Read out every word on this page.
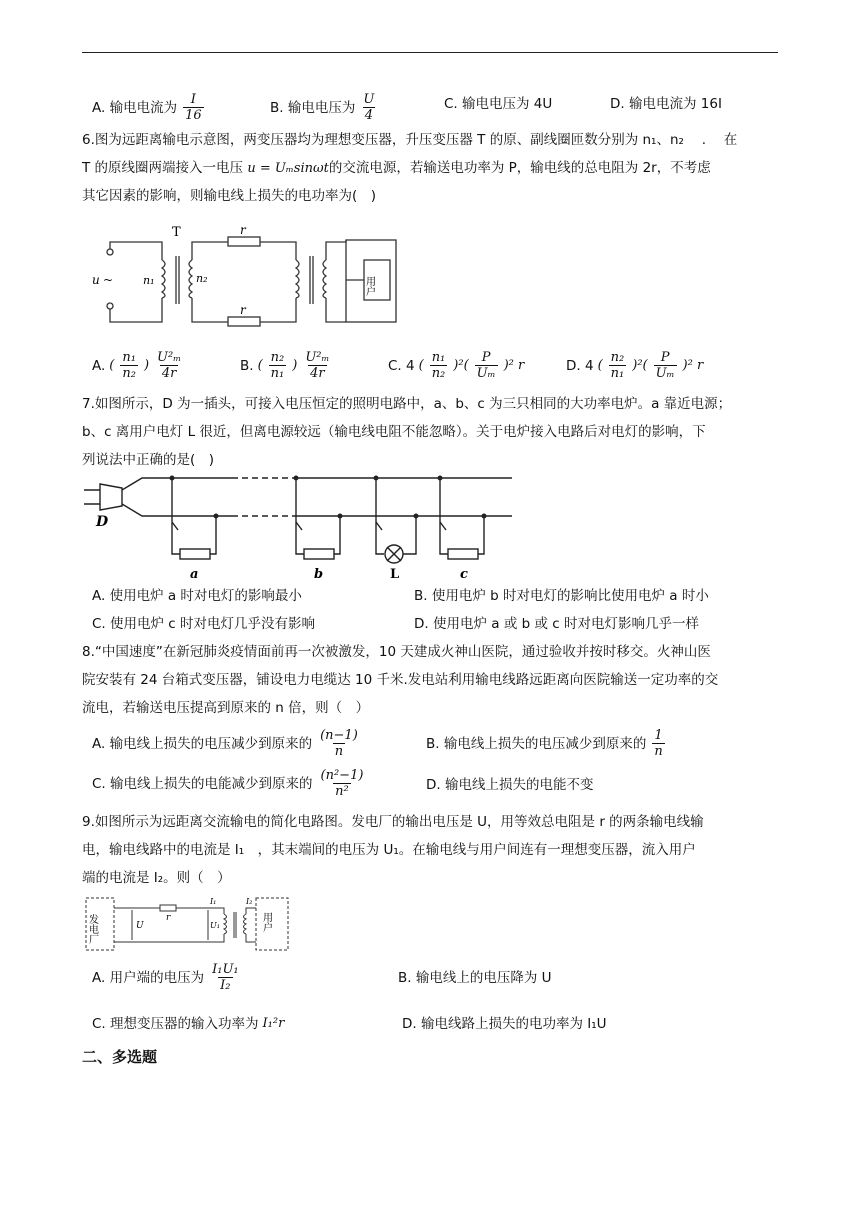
A. 输电电流为 $\frac{I}{16}$	B. 输电电压为 $\frac{U}{4}$	C. 输电电压为 4U	D. 输电电流为 16I
6.图为远距离输电示意图，两变压器均为理想变压器，升压变压器 T 的原、副线圈匝数分别为 n₁、n₂ 　. 　在
T 的原线圈两端接入一电压 u = Uₘsinωt的交流电源，若输送电功率为 P，输电线的总电阻为 2r，不考虑
其它因素的影响，则输电线上损失的电功率为(　)
T
u ~	n₁	n₂
r
r
用户
A. ( $\frac{\text{n₁}}{\text{n₂}}$ ) $\frac{\text{U²ₘ}}{4r}$	B. ( $\frac{\text{n₂}}{\text{n₁}}$ ) $\frac{\text{U²ₘ}}{4r}$	C. 4 ( $\frac{\text{n₁}}{\text{n₂}} )^2( \frac{P}{\text{Uₘ}} )^2$ r	D. 4 ( $\frac{\text{n₂}}{\text{n₁}} )^2( \frac{P}{\text{Uₘ}} )^2$ r
7.如图所示，D 为一插头，可接入电压恒定的照明电路中，a、b、c 为三只相同的大功率电炉。a 靠近电源；
b、c 离用户电灯 L 很近，但离电源较远（输电线电阻不能忽略）。关于电炉接入电路后对电灯的影响，下
列说法中正确的是(　)
D
a	b	L	c
A. 使用电炉 a 时对电灯的影响最小	B. 使用电炉 b 时对电灯的影响比使用电炉 a 时小
C. 使用电炉 c 时对电灯几乎没有影响	D. 使用电炉 a 或 b 或 c 时对电灯影响几乎一样
8.“中国速度”在新冠肺炎疫情面前再一次被激发，10 天建成火神山医院，通过验收并按时移交。火神山医
院安装有 24 台箱式变压器，铺设电力电缆达 10 千米.发电站利用输电线路远距离向医院输送一定功率的交
流电，若输送电压提高到原来的 n 倍，则（　）
A. 输电线上损失的电压减少到原来的 $\frac{(n-1)}{n}$	B. 输电线上损失的电压减少到原来的 $\frac{1}{n}$
C. 输电线上损失的电能减少到原来的 $\frac{\text{(n²−1)}}{\text{n²}}$	D. 输电线上损失的电能不变
9.如图所示为远距离交流输电的简化电路图。发电厂的输出电压是 U，用等效总电阻是 r 的两条输电线输
电，输电线路中的电流是 I₁　，其末端间的电压为 U₁。在输电线与用户间连有一理想变压器，流入用户
端的电流是 I₂。则（　）
发电厂	U
r
I₁
U₁
I₂
用户
A. 用户端的电压为 $\frac{\text{I₁U₁}}{\text{I₂}}$	B. 输电线上的电压降为 U
C. 理想变压器的输入功率为 I₁²r	D. 输电线路上损失的电功率为 I₁U
二、多选题
